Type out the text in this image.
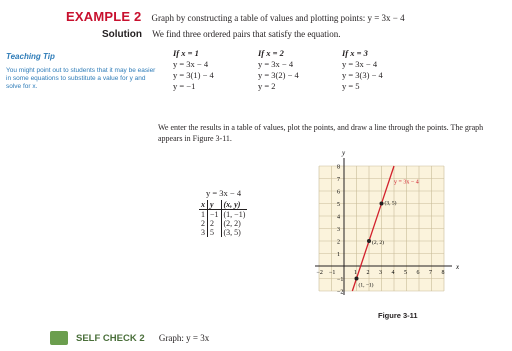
EXAMPLE 2 Graph by constructing a table of values and plotting points: y = 3x − 4
Solution We find three ordered pairs that satisfy the equation.
Teaching Tip
You might point out to students that it may be easier in some equations to substitute a value for y and solve for x.
If x = 1
y = 3x − 4
y = 3(1) − 4
y = −1
If x = 2
y = 3x − 4
y = 3(2) − 4
y = 2
If x = 3
y = 3x − 4
y = 3(3) − 4
y = 5
We enter the results in a table of values, plot the points, and draw a line through the points. The graph appears in Figure 3-11.
y = 3x − 4
x	y	(x, y)
1	−1	(1, −1)
2	2	(2, 2)
3	5	(3, 5)
x
y
−2 −1	1 2 3 4 5 6 7 8
−2
−1
1
2
3
4
5
6
7
8
y = 3x − 4
(1, −1)
(2, 2)
(3, 5)
Figure 3-11
SELF CHECK 2 Graph: y = 3x
